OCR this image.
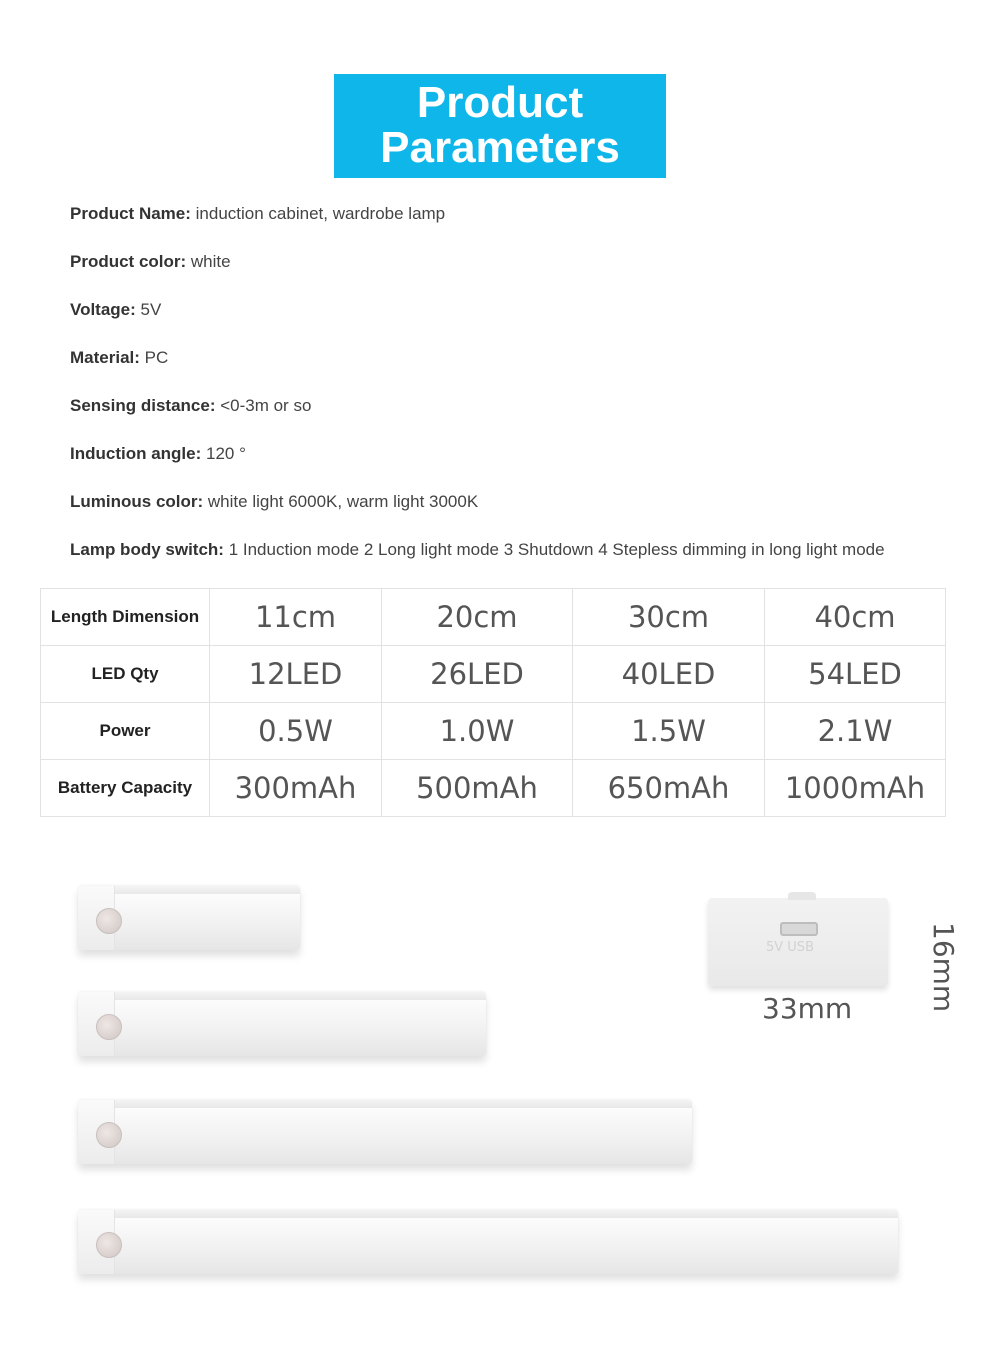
Product
Parameters
Product Name: induction cabinet, wardrobe lamp
Product color: white
Voltage: 5V
Material: PC
Sensing distance: <0-3m or so
Induction angle: 120 °
Luminous color: white light 6000K, warm light 3000K
Lamp body switch: 1 Induction mode 2 Long light mode 3 Shutdown 4 Stepless dimming in long light mode
Length Dimension	11cm	20cm	30cm	40cm
LED Qty	12LED	26LED	40LED	54LED
Power	0.5W	1.0W	1.5W	2.1W
Battery Capacity	300mAh	500mAh	650mAh	1000mAh
5V USB
33mm	16mm
